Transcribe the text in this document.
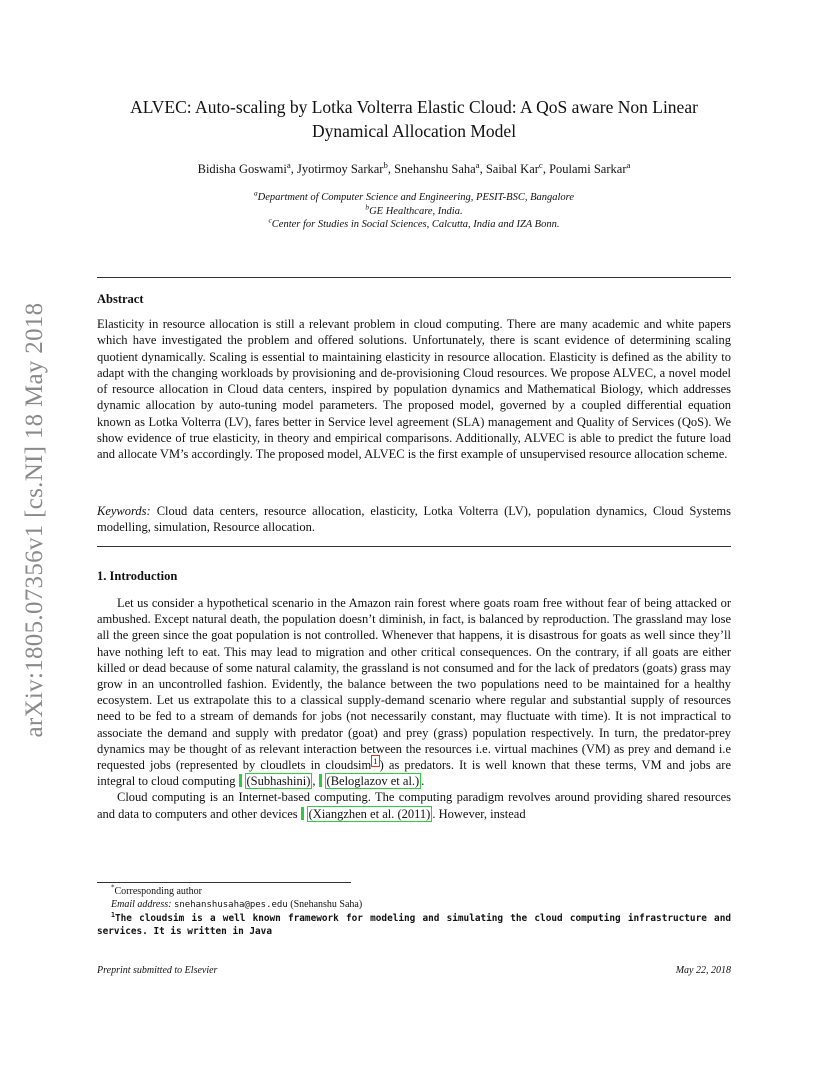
arXiv:1805.07356v1 [cs.NI] 18 May 2018
ALVEC: Auto-scaling by Lotka Volterra Elastic Cloud: A QoS aware Non Linear Dynamical Allocation Model
Bidisha Goswami$^a$, Jyotirmoy Sarkar$^b$, Snehanshu Saha$^a$, Saibal Kar$^c$, Poulami Sarkar$^a$
$^a$Department of Computer Science and Engineering, PESIT-BSC, Bangalore
$^b$GE Healthcare, India.
$^c$Center for Studies in Social Sciences, Calcutta, India and IZA Bonn.
Abstract
Elasticity in resource allocation is still a relevant problem in cloud computing. There are many academic and white papers which have investigated the problem and offered solutions. Unfortunately, there is scant evidence of determining scaling quotient dynamically. Scaling is essential to maintaining elasticity in resource allocation. Elasticity is defined as the ability to adapt with the changing workloads by provisioning and de-provisioning Cloud resources. We propose ALVEC, a novel model of resource allocation in Cloud data centers, inspired by population dynamics and Mathematical Biology, which addresses dynamic allocation by auto-tuning model parameters. The proposed model, governed by a coupled differential equation known as Lotka Volterra (LV), fares better in Service level agreement (SLA) management and Quality of Services (QoS). We show evidence of true elasticity, in theory and empirical comparisons. Additionally, ALVEC is able to predict the future load and allocate VM’s accordingly. The proposed model, ALVEC is the first example of unsupervised resource allocation scheme.
Keywords: Cloud data centers, resource allocation, elasticity, Lotka Volterra (LV), population dynamics, Cloud Systems modelling, simulation, Resource allocation.
1. Introduction

Let us consider a hypothetical scenario in the Amazon rain forest where goats roam free without fear of being attacked or ambushed. Except natural death, the population doesn’t diminish, in fact, is balanced by reproduction. The grassland may lose all the green since the goat population is not controlled. Whenever that happens, it is disastrous for goats as well since they’ll have nothing left to eat. This may lead to migration and other critical consequences. On the contrary, if all goats are either killed or dead because of some natural calamity, the grassland is not consumed and for the lack of predators (goats) grass may grow in an uncontrolled fashion. Evidently, the balance between the two populations need to be maintained for a healthy ecosystem. Let us extrapolate this to a classical supply-demand scenario where regular and substantial supply of resources need to be fed to a stream of demands for jobs (not necessarily constant, may fluctuate with time). It is not impractical to associate the demand and supply with predator (goat) and prey (grass) population respectively. In turn, the predator-prey dynamics may be thought of as relevant interaction between the resources i.e. virtual machines (VM) as prey and demand i.e requested jobs (represented by cloudlets in cloudsim $^1$ ) as predators. It is well known that these terms, VM and jobs are integral to cloud computing (Subhashini) , (Beloglazov et al.) .

Cloud computing is an Internet-based computing. The computing paradigm revolves around providing shared resources and data to computers and other devices (Xiangzhen et al. (2011) . However, instead

*Corresponding author

Email address: snehanshusaha@pes.edu (Snehanshu Saha)

$^1$The cloudsim is a well known framework for modeling and simulating the cloud computing infrastructure and services. It is written in Java

Preprint submitted to Elsevier	May 22, 2018
